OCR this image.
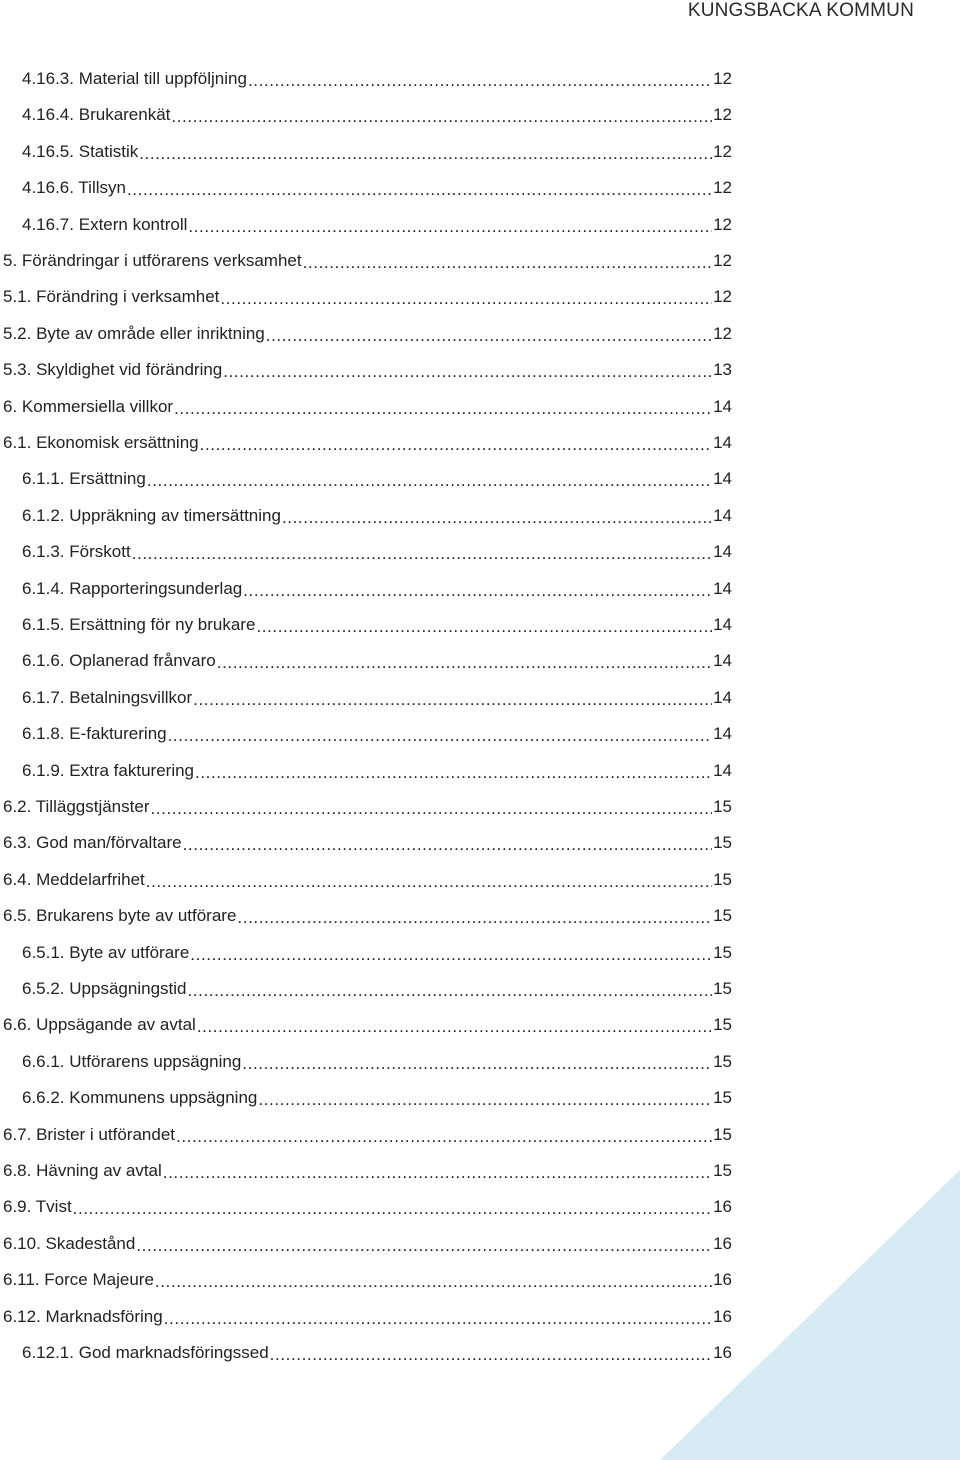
KUNGSBACKA KOMMUN
4.16.3. Material till uppföljning .....	12
4.16.4. Brukarenkät .....	12
4.16.5. Statistik .....	12
4.16.6. Tillsyn .....	12
4.16.7. Extern kontroll .....	12
5. Förändringar i utförarens verksamhet .....	12
5.1. Förändring i verksamhet .....	12
5.2. Byte av område eller inriktning .....	12
5.3. Skyldighet vid förändring .....	13
6. Kommersiella villkor .....	14
6.1. Ekonomisk ersättning .....	14
6.1.1. Ersättning .....	14
6.1.2. Uppräkning av timersättning .....	14
6.1.3. Förskott .....	14
6.1.4. Rapporteringsunderlag .....	14
6.1.5. Ersättning för ny brukare .....	14
6.1.6. Oplanerad frånvaro .....	14
6.1.7. Betalningsvillkor .....	14
6.1.8. E-fakturering .....	14
6.1.9. Extra fakturering .....	14
6.2. Tilläggstjänster .....	15
6.3. God man/förvaltare .....	15
6.4. Meddelarfrihet .....	15
6.5. Brukarens byte av utförare .....	15
6.5.1. Byte av utförare .....	15
6.5.2. Uppsägningstid .....	15
6.6. Uppsägande av avtal .....	15
6.6.1. Utförarens uppsägning .....	15
6.6.2. Kommunens uppsägning .....	15
6.7. Brister i utförandet .....	15
6.8. Hävning av avtal .....	15
6.9. Tvist .....	16
6.10. Skadestånd .....	16
6.11. Force Majeure .....	16
6.12. Marknadsföring .....	16
6.12.1. God marknadsföringssed .....	16
